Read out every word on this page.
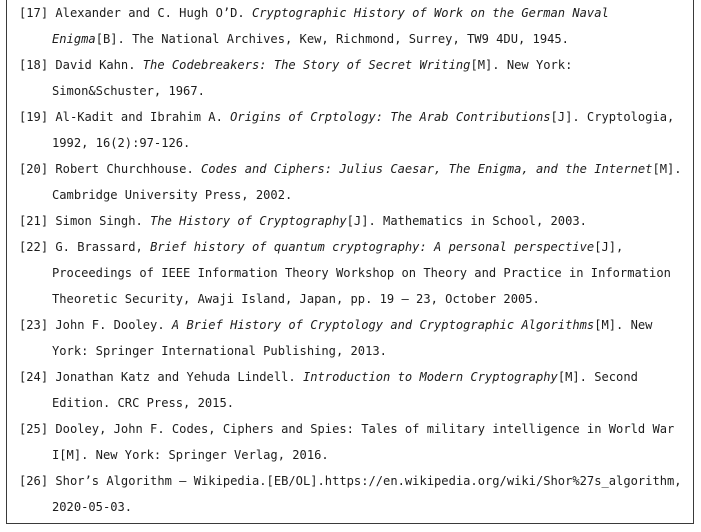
[17] Alexander and C. Hugh O’D. Cryptographic History of Work on the German Naval
Enigma[B]. The National Archives, Kew, Richmond, Surrey, TW9 4DU, 1945.
[18] David Kahn. The Codebreakers: The Story of Secret Writing[M]. New York:
Simon&Schuster, 1967.
[19] Al-Kadit and Ibrahim A. Origins of Crptology: The Arab Contributions[J]. Cryptologia,
1992, 16(2):97-126.
[20] Robert Churchhouse. Codes and Ciphers: Julius Caesar, The Enigma, and the Internet[M].
Cambridge University Press, 2002.
[21] Simon Singh. The History of Cryptography[J]. Mathematics in School, 2003.
[22] G. Brassard, Brief history of quantum cryptography: A personal perspective[J],
Proceedings of IEEE Information Theory Workshop on Theory and Practice in Information
Theoretic Security, Awaji Island, Japan, pp. 19 – 23, October 2005.
[23] John F. Dooley. A Brief History of Cryptology and Cryptographic Algorithms[M]. New
York: Springer International Publishing, 2013.
[24] Jonathan Katz and Yehuda Lindell. Introduction to Modern Cryptography[M]. Second
Edition. CRC Press, 2015.
[25] Dooley, John F. Codes, Ciphers and Spies: Tales of military intelligence in World War
I[M]. New York: Springer Verlag, 2016.
[26] Shor’s Algorithm – Wikipedia.[EB/OL].https://en.wikipedia.org/wiki/Shor%27s_algorithm,
2020-05-03.
